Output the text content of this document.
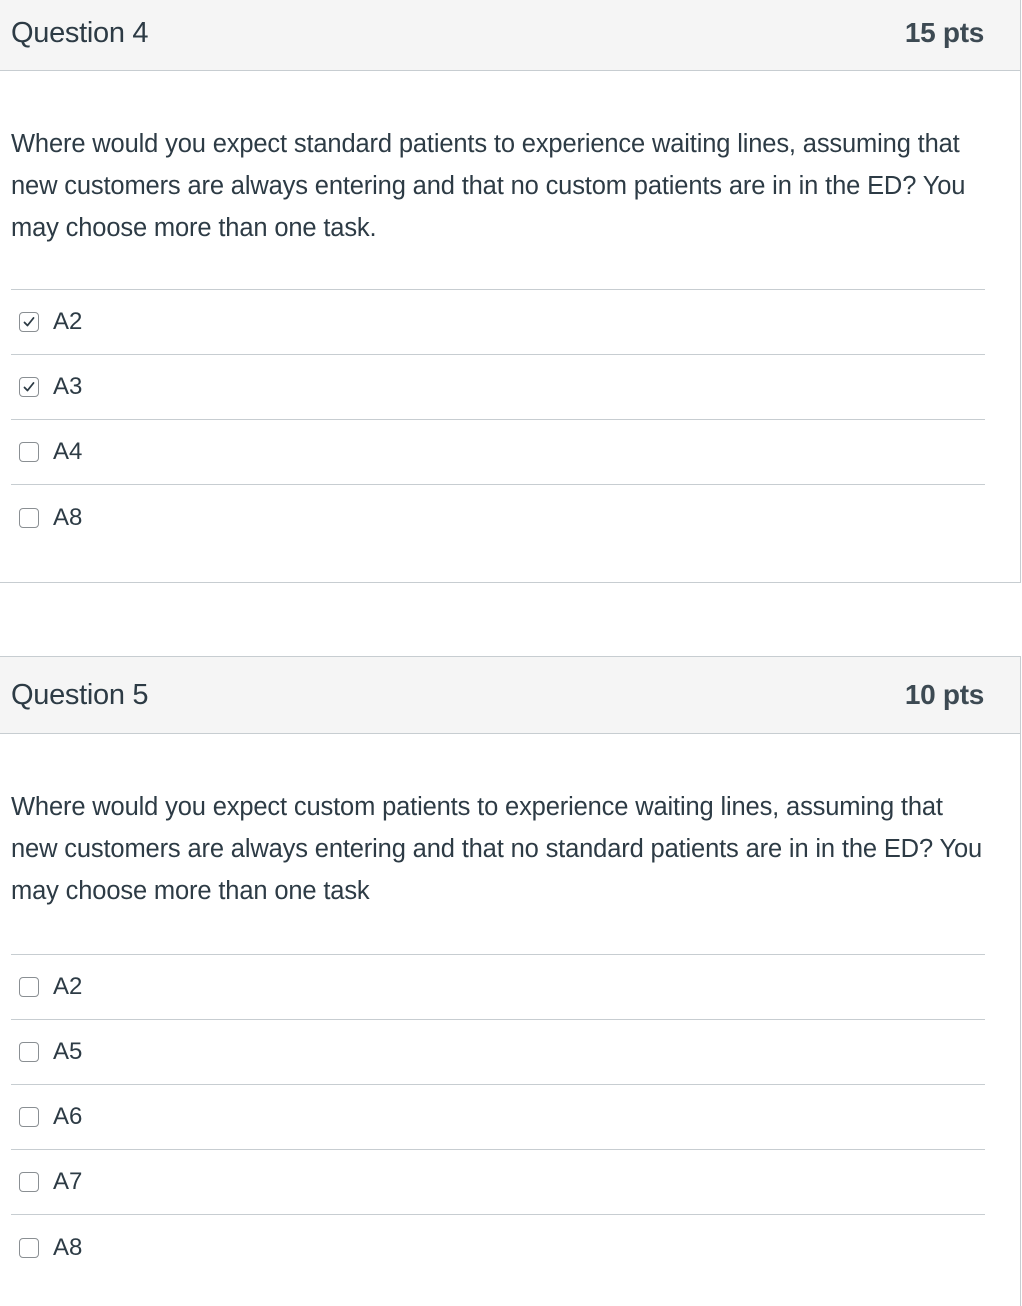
Question 4	15 pts
Where would you expect standard patients to experience waiting lines, assuming that new customers are always entering and that no custom patients are in in the ED? You may choose more than one task.
A2
A3
A4
A8
Question 5	10 pts
Where would you expect custom patients to experience waiting lines, assuming that new customers are always entering and that no standard patients are in in the ED? You may choose more than one task
A2
A5
A6
A7
A8
